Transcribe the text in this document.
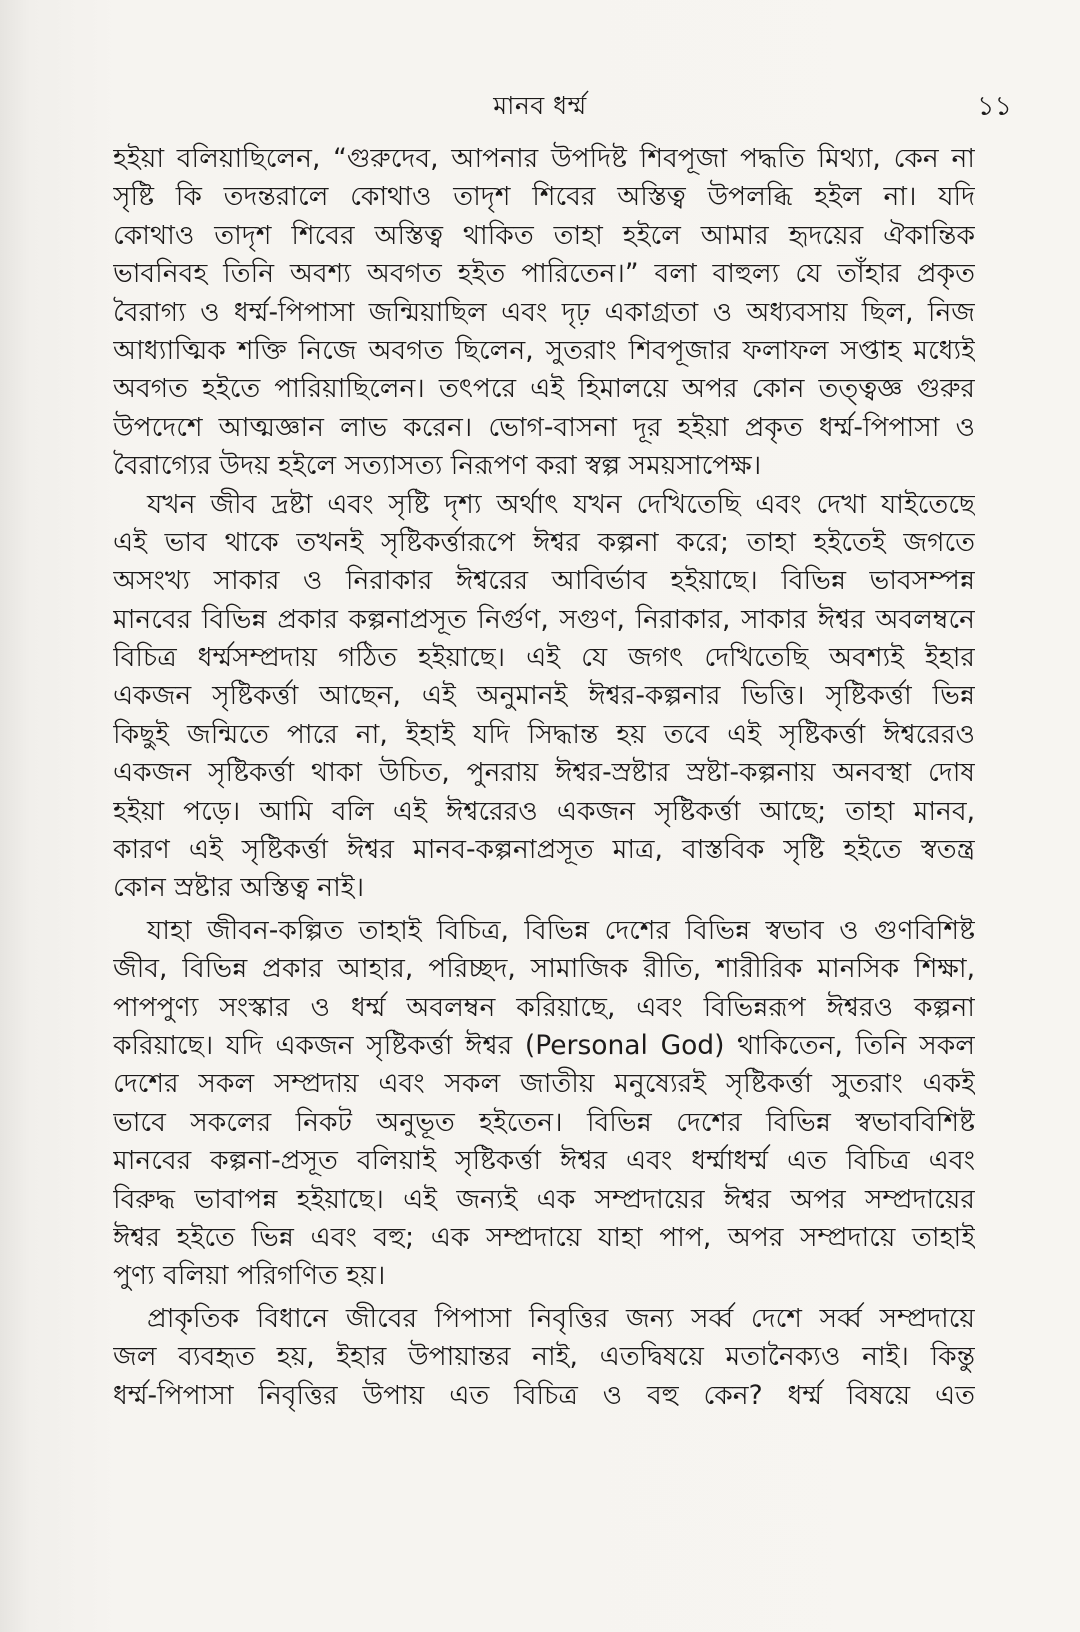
মানব ধর্ম্ম	১১
হইয়া বলিয়াছিলেন, “গুরুদেব, আপনার উপদিষ্ট শিবপূজা পদ্ধতি মিথ্যা, কেন না
সৃষ্টি কি তদন্তরালে কোথাও তাদৃশ শিবের অস্তিত্ব উপলব্ধি হইল না। যদি
কোথাও তাদৃশ শিবের অস্তিত্ব থাকিত তাহা হইলে আমার হৃদয়ের ঐকান্তিক
ভাবনিবহ তিনি অবশ্য অবগত হইত পারিতেন।” বলা বাহুল্য যে তাঁহার প্রকৃত
বৈরাগ্য ও ধর্ম্ম-পিপাসা জন্মিয়াছিল এবং দৃঢ় একাগ্রতা ও অধ্যবসায় ছিল, নিজ
আধ্যাত্মিক শক্তি নিজে অবগত ছিলেন, সুতরাং শিবপূজার ফলাফল সপ্তাহ মধ্যেই
অবগত হইতে পারিয়াছিলেন। তৎপরে এই হিমালয়ে অপর কোন তত্ত্বজ্ঞ গুরুর
উপদেশে আত্মজ্ঞান লাভ করেন। ভোগ-বাসনা দূর হইয়া প্রকৃত ধর্ম্ম-পিপাসা ও
বৈরাগ্যের উদয় হইলে সত্যাসত্য নিরূপণ করা স্বল্প সময়সাপেক্ষ।
যখন জীব দ্রষ্টা এবং সৃষ্টি দৃশ্য অর্থাৎ যখন দেখিতেছি এবং দেখা যাইতেছে
এই ভাব থাকে তখনই সৃষ্টিকর্ত্তারূপে ঈশ্বর কল্পনা করে; তাহা হইতেই জগতে
অসংখ্য সাকার ও নিরাকার ঈশ্বরের আবির্ভাব হইয়াছে। বিভিন্ন ভাবসম্পন্ন
মানবের বিভিন্ন প্রকার কল্পনাপ্রসূত নির্গুণ, সগুণ, নিরাকার, সাকার ঈশ্বর অবলম্বনে
বিচিত্র ধর্ম্মসম্প্রদায় গঠিত হইয়াছে। এই যে জগৎ দেখিতেছি অবশ্যই ইহার
একজন সৃষ্টিকর্ত্তা আছেন, এই অনুমানই ঈশ্বর-কল্পনার ভিত্তি। সৃষ্টিকর্ত্তা ভিন্ন
কিছুই জন্মিতে পারে না, ইহাই যদি সিদ্ধান্ত হয় তবে এই সৃষ্টিকর্ত্তা ঈশ্বরেরও
একজন সৃষ্টিকর্ত্তা থাকা উচিত, পুনরায় ঈশ্বর-স্রষ্টার স্রষ্টা-কল্পনায় অনবস্থা দোষ
হইয়া পড়ে। আমি বলি এই ঈশ্বরেরও একজন সৃষ্টিকর্ত্তা আছে; তাহা মানব,
কারণ এই সৃষ্টিকর্ত্তা ঈশ্বর মানব-কল্পনাপ্রসূত মাত্র, বাস্তবিক সৃষ্টি হইতে স্বতন্ত্র
কোন স্রষ্টার অস্তিত্ব নাই।
যাহা জীবন-কল্পিত তাহাই বিচিত্র, বিভিন্ন দেশের বিভিন্ন স্বভাব ও গুণবিশিষ্ট
জীব, বিভিন্ন প্রকার আহার, পরিচ্ছদ, সামাজিক রীতি, শারীরিক মানসিক শিক্ষা,
পাপপুণ্য সংস্কার ও ধর্ম্ম অবলম্বন করিয়াছে, এবং বিভিন্নরূপ ঈশ্বরও কল্পনা
করিয়াছে। যদি একজন সৃষ্টিকর্ত্তা ঈশ্বর (Personal God) থাকিতেন, তিনি সকল
দেশের সকল সম্প্রদায় এবং সকল জাতীয় মনুষ্যেরই সৃষ্টিকর্ত্তা সুতরাং একই
ভাবে সকলের নিকট অনুভূত হইতেন। বিভিন্ন দেশের বিভিন্ন স্বভাববিশিষ্ট
মানবের কল্পনা-প্রসূত বলিয়াই সৃষ্টিকর্ত্তা ঈশ্বর এবং ধর্ম্মাধর্ম্ম এত বিচিত্র এবং
বিরুদ্ধ ভাবাপন্ন হইয়াছে। এই জন্যই এক সম্প্রদায়ের ঈশ্বর অপর সম্প্রদায়ের
ঈশ্বর হইতে ভিন্ন এবং বহু; এক সম্প্রদায়ে যাহা পাপ, অপর সম্প্রদায়ে তাহাই
পুণ্য বলিয়া পরিগণিত হয়।
প্রাকৃতিক বিধানে জীবের পিপাসা নিবৃত্তির জন্য সর্ব্ব দেশে সর্ব্ব সম্প্রদায়ে
জল ব্যবহৃত হয়, ইহার উপায়ান্তর নাই, এতদ্বিষয়ে মতানৈক্যও নাই। কিন্তু
ধর্ম্ম-পিপাসা নিবৃত্তির উপায় এত বিচিত্র ও বহু কেন? ধর্ম্ম বিষয়ে এত
